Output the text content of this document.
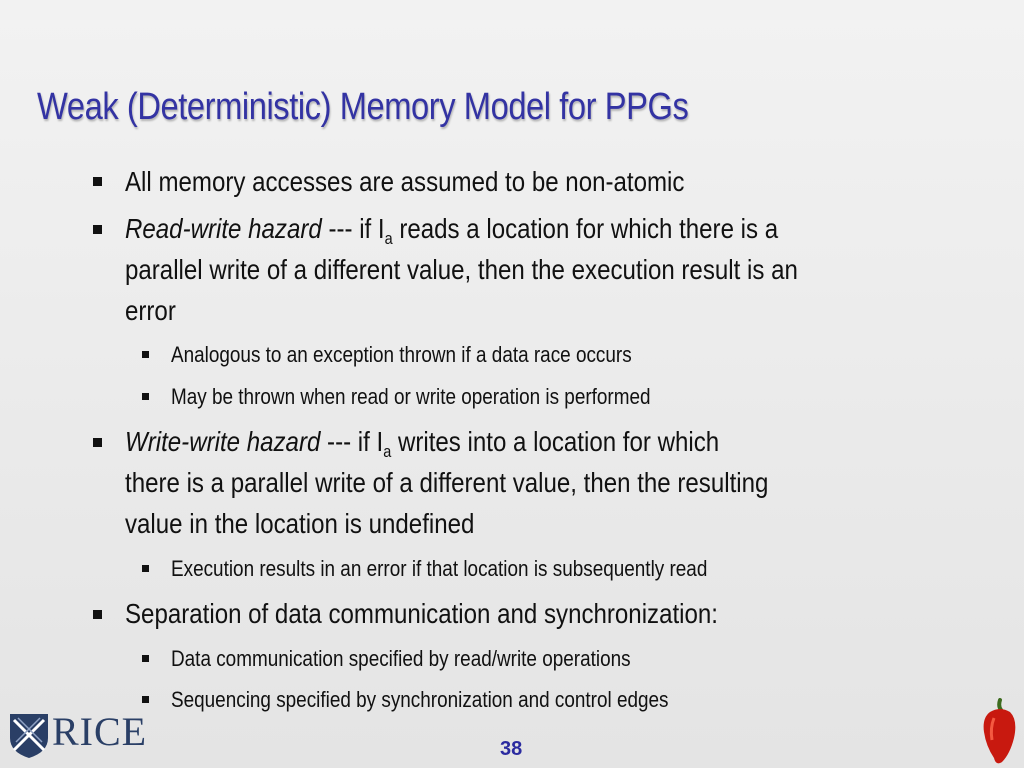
Weak (Deterministic) Memory Model for PPGs
All memory accesses are assumed to be non-atomic
Read-write hazard --- if $I_a$ reads a location for which there is a
parallel write of a different value, then the execution result is an
error
Analogous to an exception thrown if a data race occurs
May be thrown when read or write operation is performed
Write-write hazard --- if $I_a$ writes into a location for which
there is a parallel write of a different value, then the resulting
value in the location is undefined
Execution results in an error if that location is subsequently read
Separation of data communication and synchronization:
Data communication specified by read/write operations
Sequencing specified by synchronization and control edges
RICE	38
